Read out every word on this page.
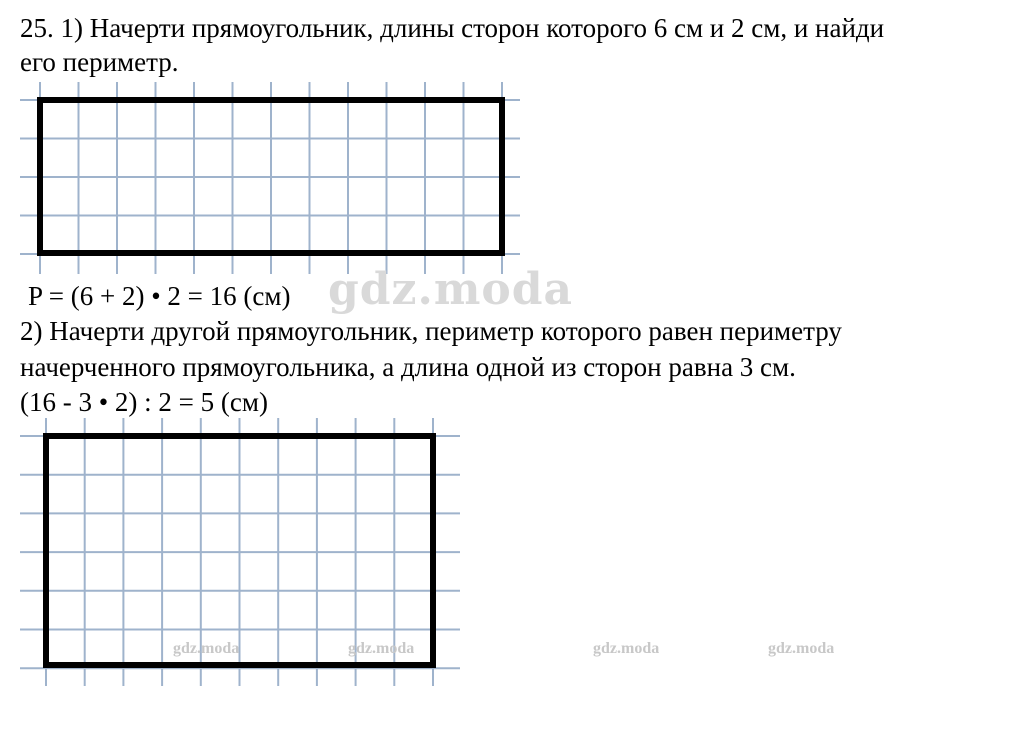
25. 1) Начерти прямоугольник, длины сторон которого 6 см и 2 см, и найди
его периметр.
P = (6 + 2) • 2 = 16 (см) gdz.moda
2) Начерти другой прямоугольник, периметр которого равен периметру
начерченного прямоугольника, а длина одной из сторон равна 3 см.
(16 - 3 • 2) : 2 = 5 (см)
gdz.moda	gdz.moda	gdz.moda	gdz.moda
